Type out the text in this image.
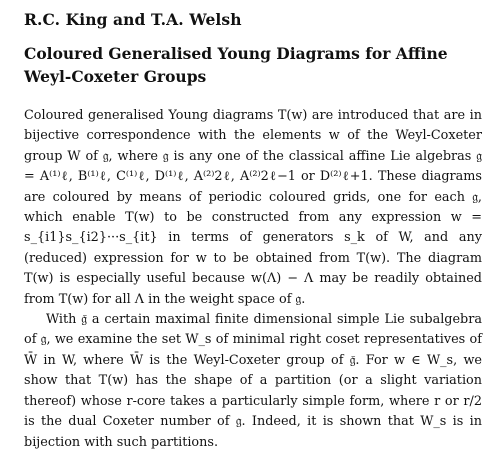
R.C. King and T.A. Welsh
Coloured Generalised Young Diagrams for Affine Weyl-Coxeter Groups

Coloured generalised Young diagrams T(w) are introduced that are in bijective correspondence with the elements w of the Weyl-Coxeter group W of 𝔤, where 𝔤 is any one of the classical affine Lie algebras 𝔤 = A⁽¹⁾ℓ, B⁽¹⁾ℓ, C⁽¹⁾ℓ, D⁽¹⁾ℓ, A⁽²⁾2ℓ, A⁽²⁾2ℓ−1 or D⁽²⁾ℓ+1. These diagrams are coloured by means of periodic coloured grids, one for each 𝔤, which enable T(w) to be constructed from any expression w = s_{i1}s_{i2}···s_{it} in terms of generators s_k of W, and any (reduced) expression for w to be obtained from T(w). The diagram T(w) is especially useful because w(Λ) − Λ may be readily obtained from T(w) for all Λ in the weight space of 𝔤.

With 𝔤̄ a certain maximal finite dimensional simple Lie subalgebra of 𝔤, we examine the set W_s of minimal right coset representatives of W̄ in W, where W̄ is the Weyl-Coxeter group of 𝔤̄. For w ∈ W_s, we show that T(w) has the shape of a partition (or a slight variation thereof) whose r-core takes a particularly simple form, where r or r/2 is the dual Coxeter number of 𝔤. Indeed, it is shown that W_s is in bijection with such partitions.
